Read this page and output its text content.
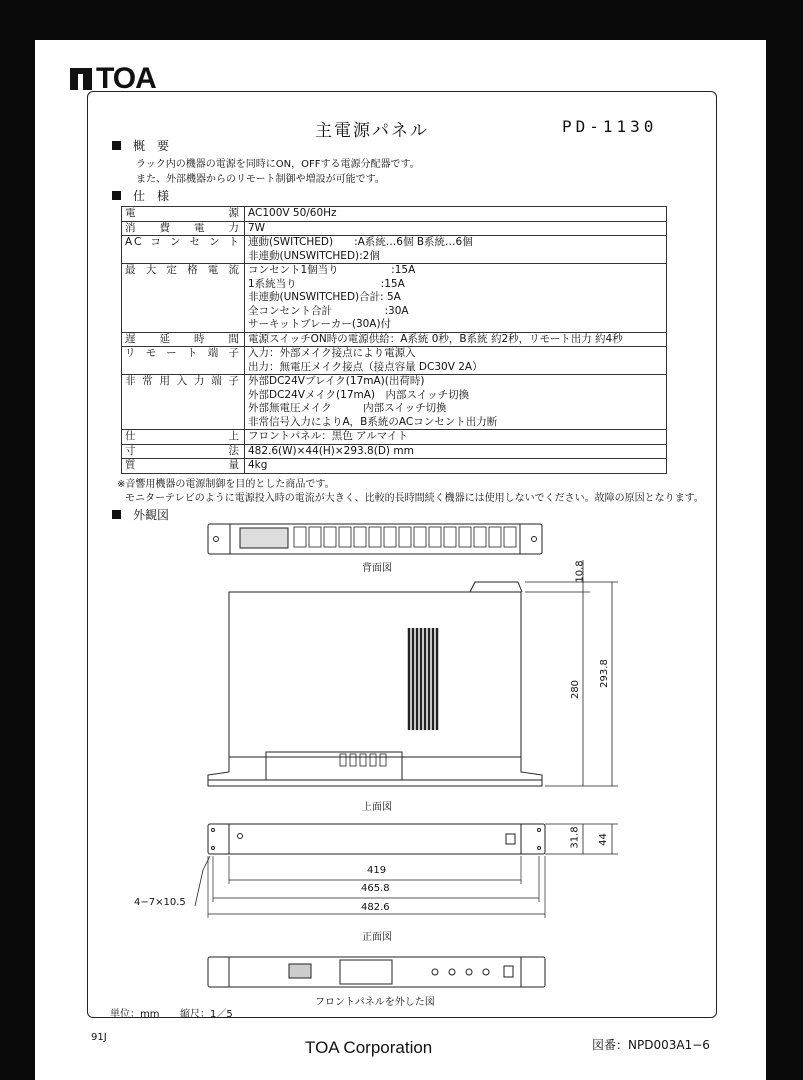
TOA
主電源パネル	PD-1130
概　要
ラック内の機器の電源を同時にON，OFFする電源分配器です。
また、外部機器からのリモート制御や増設が可能です。
仕　様
電源	AC100V 50/60Hz

消費電力	7W

ACコンセント	連動(SWITCHED)　　:A系統…6個 B系統…6個
非連動(UNSWITCHED):2個

最大定格電流	コンセント1個当り　　　　　:15A
1系統当り　　　　　　　　:15A
非連動(UNSWITCHED)合計: 5A
全コンセント合計　　　　　:30A
サーキットブレーカー(30A)付

遅延時間	電源スイッチON時の電源供給：A系統 0秒，B系統 約2秒，リモート出力 約4秒

リモート端子	入力：外部メイク接点により電源入
出力：無電圧メイク接点（接点容量 DC30V 2A）

非常用入力端子	外部DC24Vブレイク(17mA)(出荷時)
外部DC24Vメイク(17mA)　内部スイッチ切換
外部無電圧メイク　　　内部スイッチ切換
非常信号入力によりA，B系統のACコンセント出力断

仕上	フロントパネル：黒色 アルマイト

寸法	482.6(W)×44(H)×293.8(D) mm

質量	4kg
※音響用機器の電源制御を目的とした商品です。
モニターテレビのように電源投入時の電流が大きく、比較的長時間続く機器には使用しないでください。故障の原因となります。
外観図
背面図
上面図
正面図
フロントパネルを外した図
10.8
280
293.8
31.8 44
419
465.8
482.6
4−7×10.5
単位：mm 縮尺：1／5
91J
TOA Corporation	図番：NPD003A1−6
